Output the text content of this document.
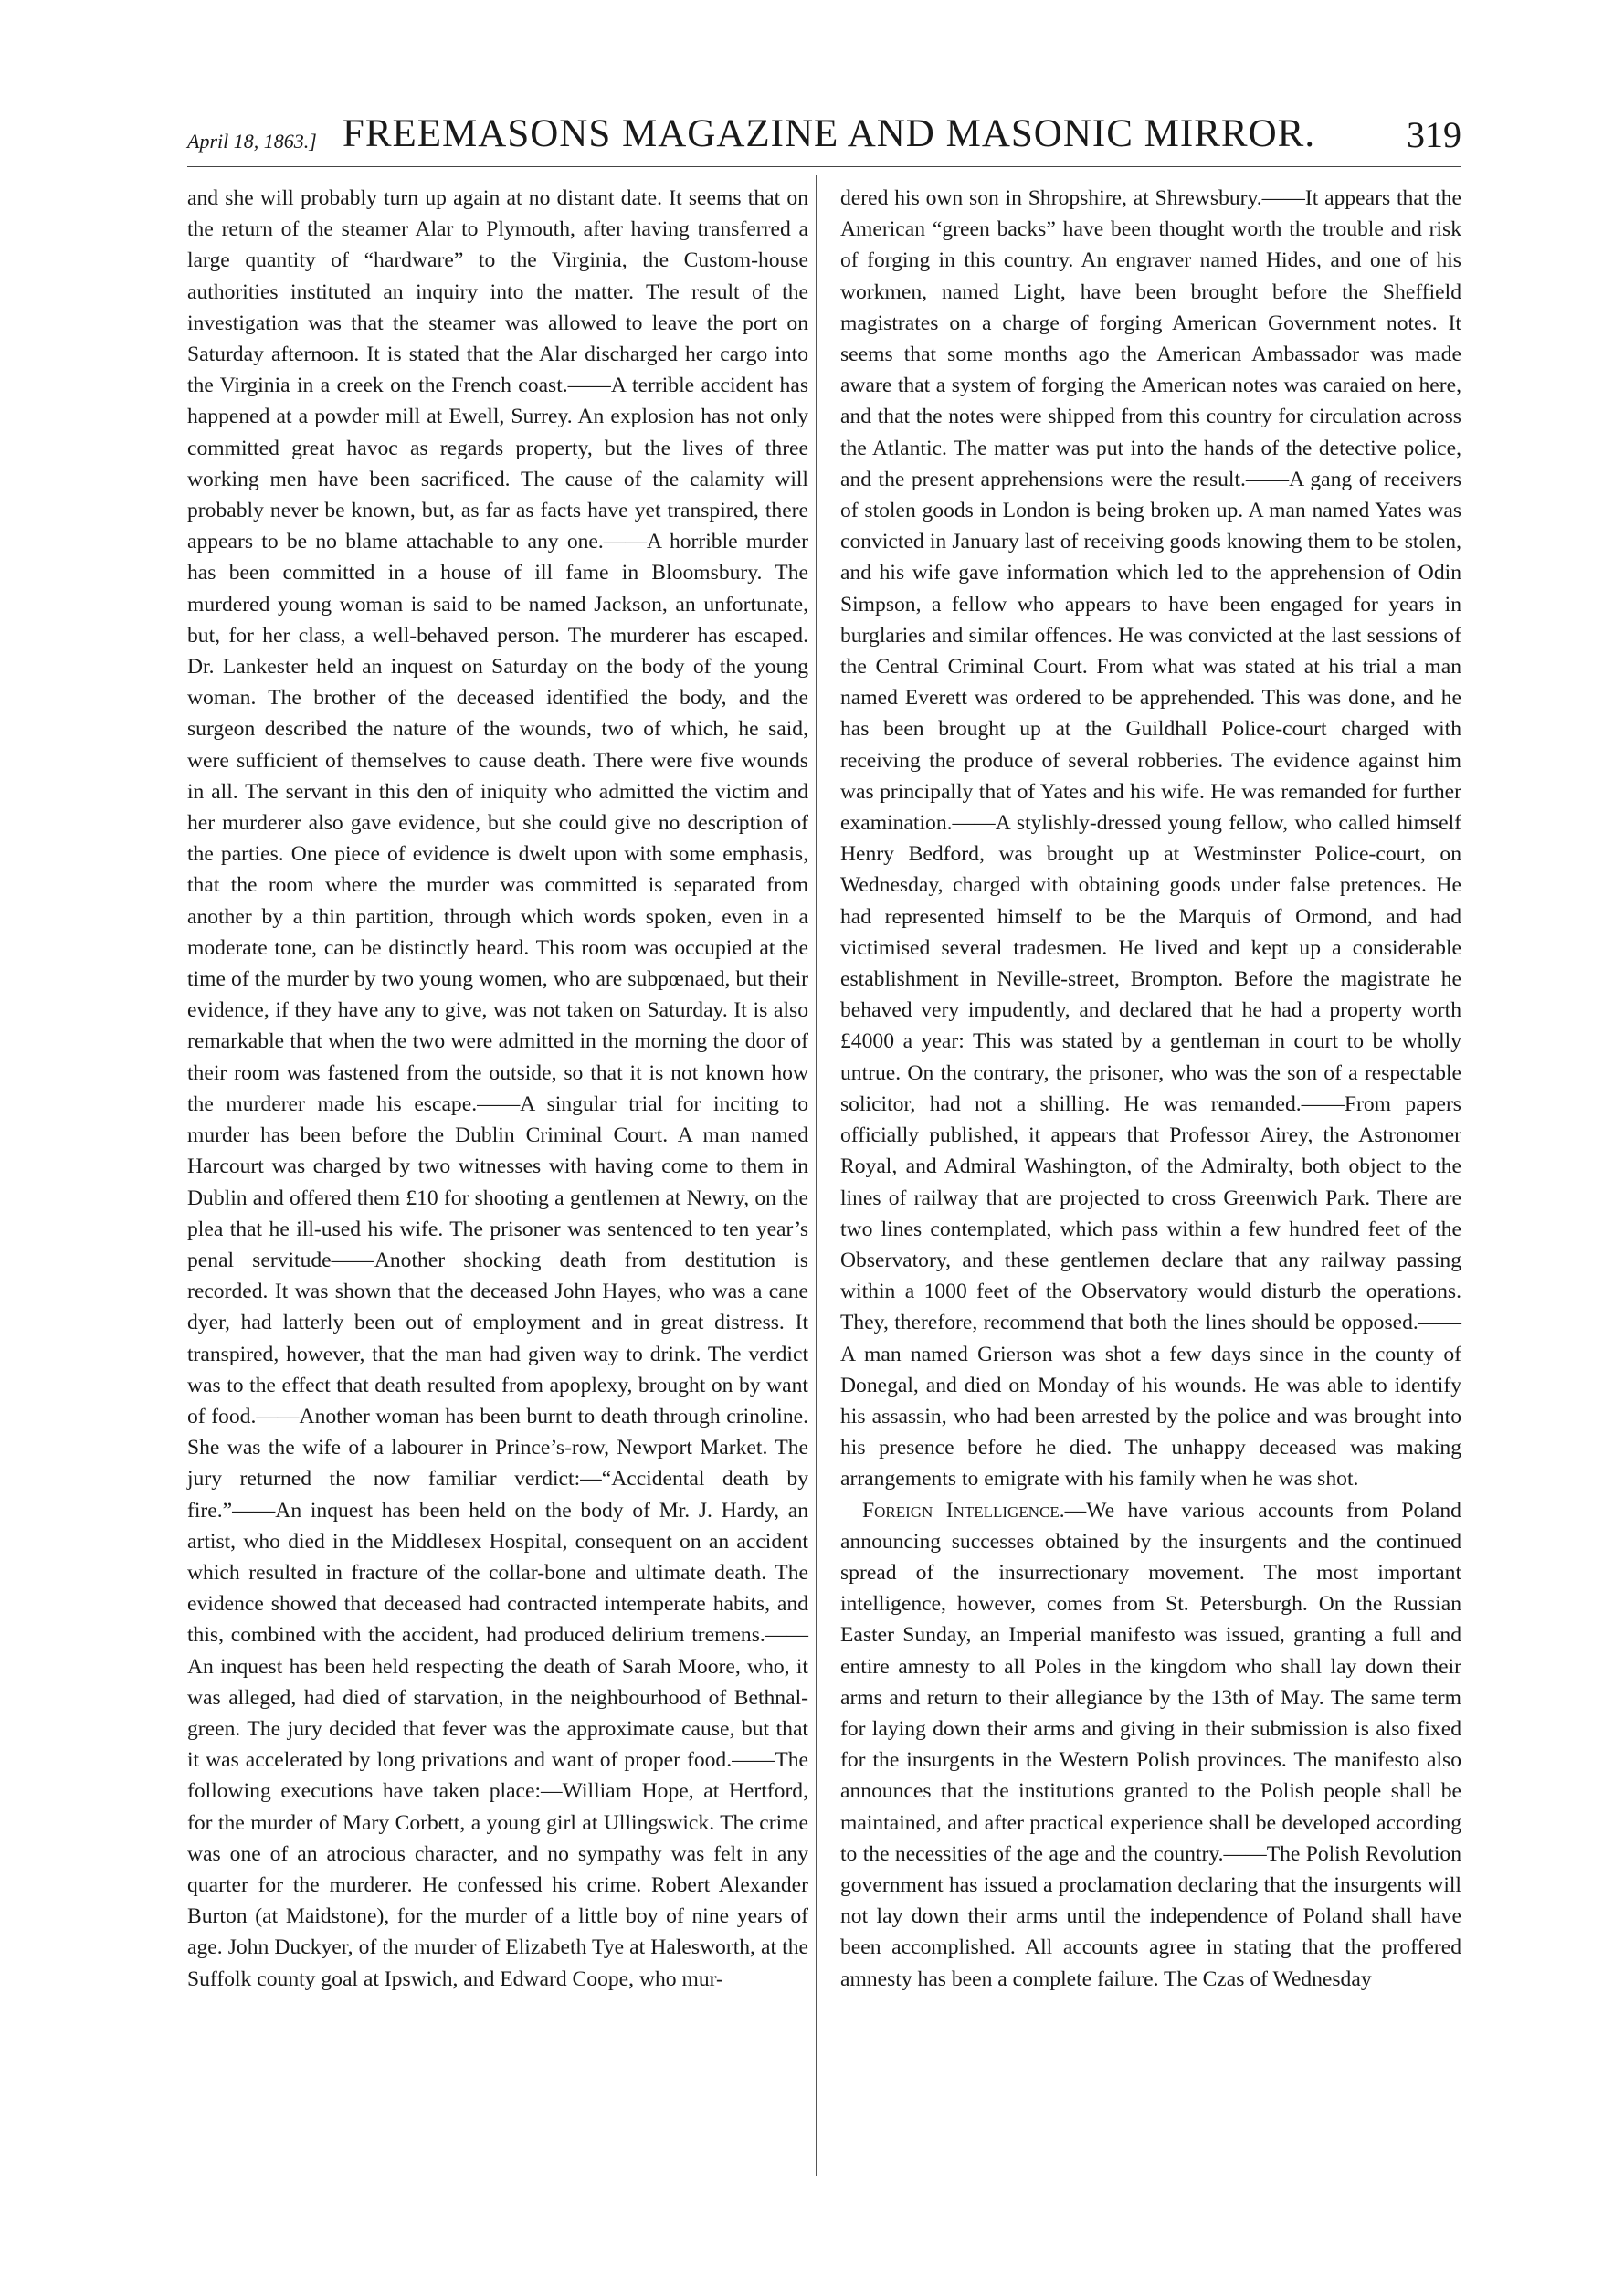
April 18, 1863.] FREEMASONS MAGAZINE AND MASONIC MIRROR.	319

and she will probably turn up again at no distant date. It seems that on the return of the steamer Alar to Plymouth, after having transferred a large quantity of “hardware” to the Virginia, the Custom-house authorities instituted an inquiry into the matter. The result of the investigation was that the steamer was allowed to leave the port on Saturday afternoon. It is stated that the Alar discharged her cargo into the Virginia in a creek on the French coast.——A terrible accident has happened at a powder mill at Ewell, Surrey. An explosion has not only committed great havoc as regards property, but the lives of three working men have been sacrificed. The cause of the calamity will probably never be known, but, as far as facts have yet transpired, there appears to be no blame attachable to any one.——A horrible murder has been committed in a house of ill fame in Bloomsbury. The murdered young woman is said to be named Jackson, an unfortunate, but, for her class, a well-behaved person. The murderer has escaped. Dr. Lankester held an inquest on Saturday on the body of the young woman. The brother of the deceased identified the body, and the surgeon described the nature of the wounds, two of which, he said, were sufficient of themselves to cause death. There were five wounds in all. The servant in this den of iniquity who admitted the victim and her murderer also gave evidence, but she could give no description of the parties. One piece of evidence is dwelt upon with some emphasis, that the room where the murder was committed is separated from another by a thin partition, through which words spoken, even in a moderate tone, can be distinctly heard. This room was occupied at the time of the murder by two young women, who are subpœnaed, but their evidence, if they have any to give, was not taken on Saturday. It is also remarkable that when the two were admitted in the morning the door of their room was fastened from the outside, so that it is not known how the murderer made his escape.——A singular trial for inciting to murder has been before the Dublin Criminal Court. A man named Harcourt was charged by two witnesses with having come to them in Dublin and offered them £10 for shooting a gentlemen at Newry, on the plea that he ill-used his wife. The prisoner was sentenced to ten year’s penal servitude——Another shocking death from destitution is recorded. It was shown that the deceased John Hayes, who was a cane dyer, had latterly been out of employment and in great distress. It transpired, however, that the man had given way to drink. The verdict was to the effect that death resulted from apoplexy, brought on by want of food.——Another woman has been burnt to death through crinoline. She was the wife of a labourer in Prince’s-row, Newport Market. The jury returned the now familiar verdict:—“Accidental death by fire.”——An inquest has been held on the body of Mr. J. Hardy, an artist, who died in the Middlesex Hospital, consequent on an accident which resulted in fracture of the collar-bone and ultimate death. The evidence showed that deceased had contracted intemperate habits, and this, combined with the accident, had produced delirium tremens.——An inquest has been held respecting the death of Sarah Moore, who, it was alleged, had died of starvation, in the neighbourhood of Bethnal-green. The jury decided that fever was the approximate cause, but that it was accelerated by long privations and want of proper food.——The following executions have taken place:—William Hope, at Hertford, for the murder of Mary Corbett, a young girl at Ullingswick. The crime was one of an atrocious character, and no sympathy was felt in any quarter for the murderer. He confessed his crime. Robert Alexander Burton (at Maidstone), for the murder of a little boy of nine years of age. John Duckyer, of the murder of Elizabeth Tye at Halesworth, at the Suffolk county goal at Ipswich, and Edward Coope, who mur-

dered his own son in Shropshire, at Shrewsbury.——It appears that the American “green backs” have been thought worth the trouble and risk of forging in this country. An engraver named Hides, and one of his workmen, named Light, have been brought before the Sheffield magistrates on a charge of forging American Government notes. It seems that some months ago the American Ambassador was made aware that a system of forging the American notes was caraied on here, and that the notes were shipped from this country for circulation across the Atlantic. The matter was put into the hands of the detective police, and the present apprehensions were the result.——A gang of receivers of stolen goods in London is being broken up. A man named Yates was convicted in January last of receiving goods knowing them to be stolen, and his wife gave information which led to the apprehension of Odin Simpson, a fellow who appears to have been engaged for years in burglaries and similar offences. He was convicted at the last sessions of the Central Criminal Court. From what was stated at his trial a man named Everett was ordered to be apprehended. This was done, and he has been brought up at the Guildhall Police-court charged with receiving the produce of several robberies. The evidence against him was principally that of Yates and his wife. He was remanded for further examination.——A stylishly-dressed young fellow, who called himself Henry Bedford, was brought up at Westminster Police-court, on Wednesday, charged with obtaining goods under false pretences. He had represented himself to be the Marquis of Ormond, and had victimised several tradesmen. He lived and kept up a considerable establishment in Neville-street, Brompton. Before the magistrate he behaved very impudently, and declared that he had a property worth £4000 a year: This was stated by a gentleman in court to be wholly untrue. On the contrary, the prisoner, who was the son of a respectable solicitor, had not a shilling. He was remanded.——From papers officially published, it appears that Professor Airey, the Astronomer Royal, and Admiral Washington, of the Admiralty, both object to the lines of railway that are projected to cross Greenwich Park. There are two lines contemplated, which pass within a few hundred feet of the Observatory, and these gentlemen declare that any railway passing within a 1000 feet of the Observatory would disturb the operations. They, therefore, recommend that both the lines should be opposed.——A man named Grierson was shot a few days since in the county of Donegal, and died on Monday of his wounds. He was able to identify his assassin, who had been arrested by the police and was brought into his presence before he died. The unhappy deceased was making arrangements to emigrate with his family when he was shot.

Foreign Intelligence.—We have various accounts from Poland announcing successes obtained by the insurgents and the continued spread of the insurrectionary movement. The most important intelligence, however, comes from St. Petersburgh. On the Russian Easter Sunday, an Imperial manifesto was issued, granting a full and entire amnesty to all Poles in the kingdom who shall lay down their arms and return to their allegiance by the 13th of May. The same term for laying down their arms and giving in their submission is also fixed for the insurgents in the Western Polish provinces. The manifesto also announces that the institutions granted to the Polish people shall be maintained, and after practical experience shall be developed according to the necessities of the age and the country.——The Polish Revolution government has issued a proclamation declaring that the insurgents will not lay down their arms until the independence of Poland shall have been accomplished. All accounts agree in stating that the proffered amnesty has been a complete failure. The Czas of Wednesday
